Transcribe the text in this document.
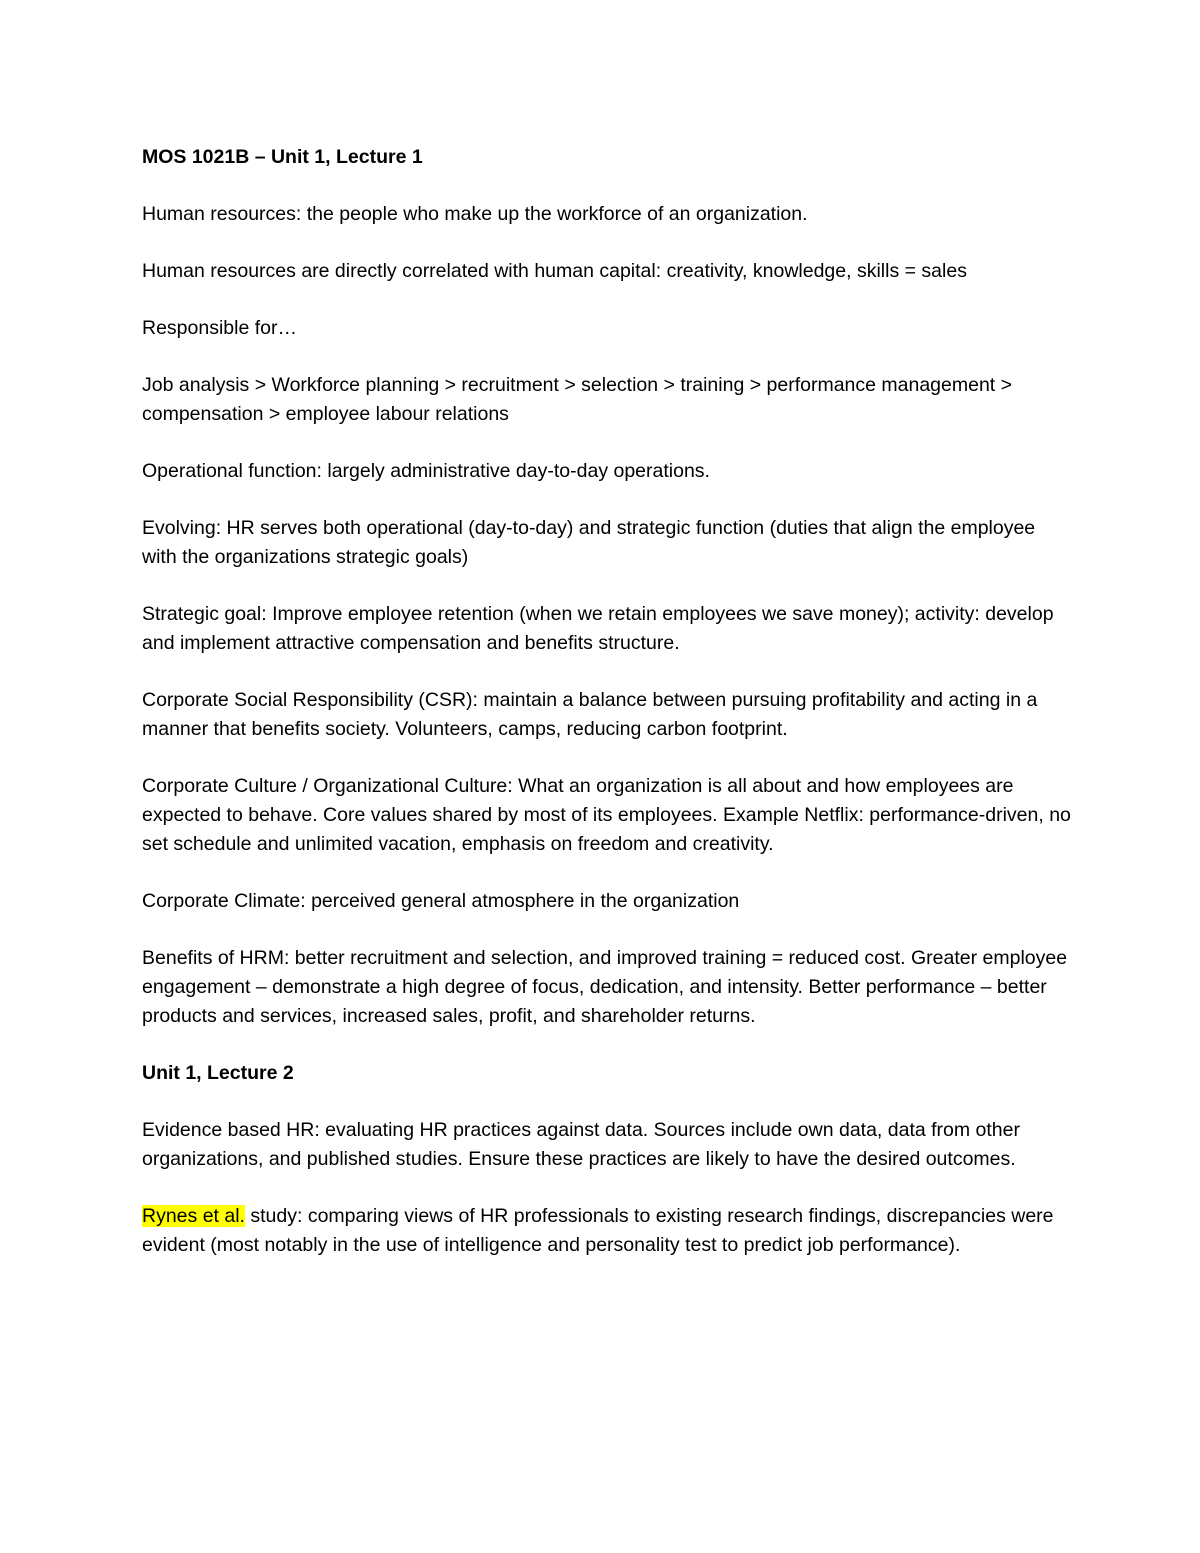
MOS 1021B – Unit 1, Lecture 1
Human resources: the people who make up the workforce of an organization.
Human resources are directly correlated with human capital: creativity, knowledge, skills = sales
Responsible for…
Job analysis > Workforce planning > recruitment > selection > training > performance management > compensation > employee labour relations
Operational function: largely administrative day-to-day operations.
Evolving: HR serves both operational (day-to-day) and strategic function (duties that align the employee with the organizations strategic goals)
Strategic goal: Improve employee retention (when we retain employees we save money); activity: develop and implement attractive compensation and benefits structure.
Corporate Social Responsibility (CSR): maintain a balance between pursuing profitability and acting in a manner that benefits society. Volunteers, camps, reducing carbon footprint.
Corporate Culture / Organizational Culture: What an organization is all about and how employees are expected to behave. Core values shared by most of its employees. Example Netflix: performance-driven, no set schedule and unlimited vacation, emphasis on freedom and creativity.
Corporate Climate: perceived general atmosphere in the organization
Benefits of HRM: better recruitment and selection, and improved training = reduced cost. Greater employee engagement – demonstrate a high degree of focus, dedication, and intensity. Better performance – better products and services, increased sales, profit, and shareholder returns.
Unit 1, Lecture 2
Evidence based HR: evaluating HR practices against data. Sources include own data, data from other organizations, and published studies. Ensure these practices are likely to have the desired outcomes.
Rynes et al. study: comparing views of HR professionals to existing research findings, discrepancies were evident (most notably in the use of intelligence and personality test to predict job performance).
